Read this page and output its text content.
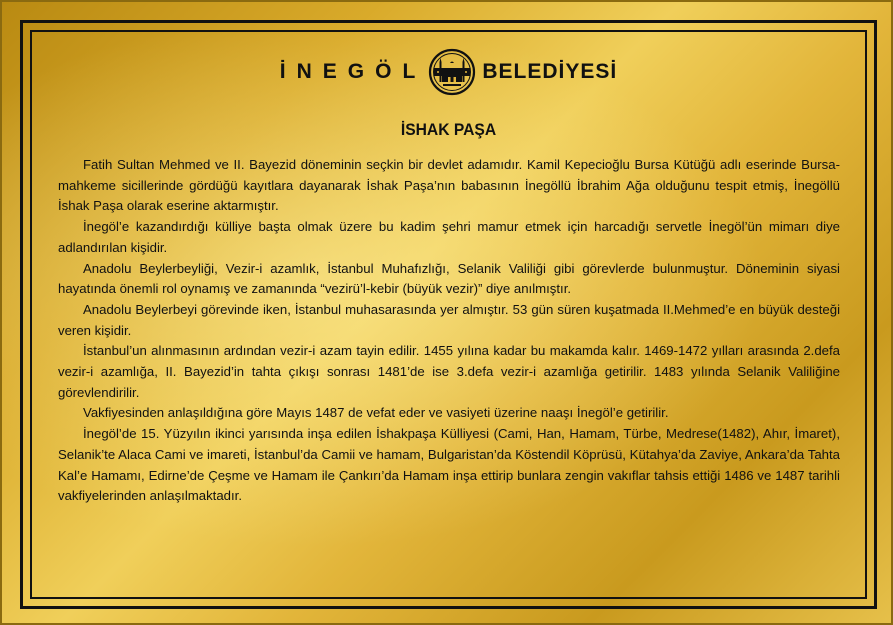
İNEGÖL	BELEDİYESİ
İSHAK PAŞA

Fatih Sultan Mehmed ve II. Bayezid döneminin seçkin bir devlet adamıdır. Kamil Kepecioğlu Bursa Kütüğü adlı eserinde Bursa-mahkeme sicillerinde gördüğü kayıtlara dayanarak İshak Paşa’nın babasının İnegöllü İbrahim Ağa olduğunu tespit etmiş, İnegöllü İshak Paşa olarak eserine aktarmıştır.

İnegöl’e kazandırdığı külliye başta olmak üzere bu kadim şehri mamur etmek için harcadığı servetle İnegöl’ün mimarı diye adlandırılan kişidir.

Anadolu Beylerbeyliği, Vezir-i azamlık, İstanbul Muhafızlığı, Selanik Valiliği gibi görevlerde bulunmuştur. Döneminin siyasi hayatında önemli rol oynamış ve zamanında “vezirü’l-kebir (büyük vezir)” diye anılmıştır.

Anadolu Beylerbeyi görevinde iken, İstanbul muhasarasında yer almıştır. 53 gün süren kuşatmada II.Mehmed’e en büyük desteği veren kişidir.

İstanbul’un alınmasının ardından vezir-i azam tayin edilir. 1455 yılına kadar bu makamda kalır. 1469-1472 yılları arasında 2.defa vezir-i azamlığa, II. Bayezid’in tahta çıkışı sonrası 1481’de ise 3.defa vezir-i azamlığa getirilir. 1483 yılında Selanik Valiliğine görevlendirilir.

Vakfiyesinden anlaşıldığına göre Mayıs 1487 de vefat eder ve vasiyeti üzerine naaşı İnegöl’e getirilir.

İnegöl’de 15. Yüzyılın ikinci yarısında inşa edilen İshakpaşa Külliyesi (Cami, Han, Hamam, Türbe, Medrese(1482), Ahır, İmaret), Selanik’te Alaca Cami ve imareti, İstanbul’da Camii ve hamam, Bulgaristan’da Köstendil Köprüsü, Kütahya’da Zaviye, Ankara’da Tahta Kal’e Hamamı, Edirne’de Çeşme ve Hamam ile Çankırı’da Hamam inşa ettirip bunlara zengin vakıflar tahsis ettiği 1486 ve 1487 tarihli vakfiyelerinden anlaşılmaktadır.
